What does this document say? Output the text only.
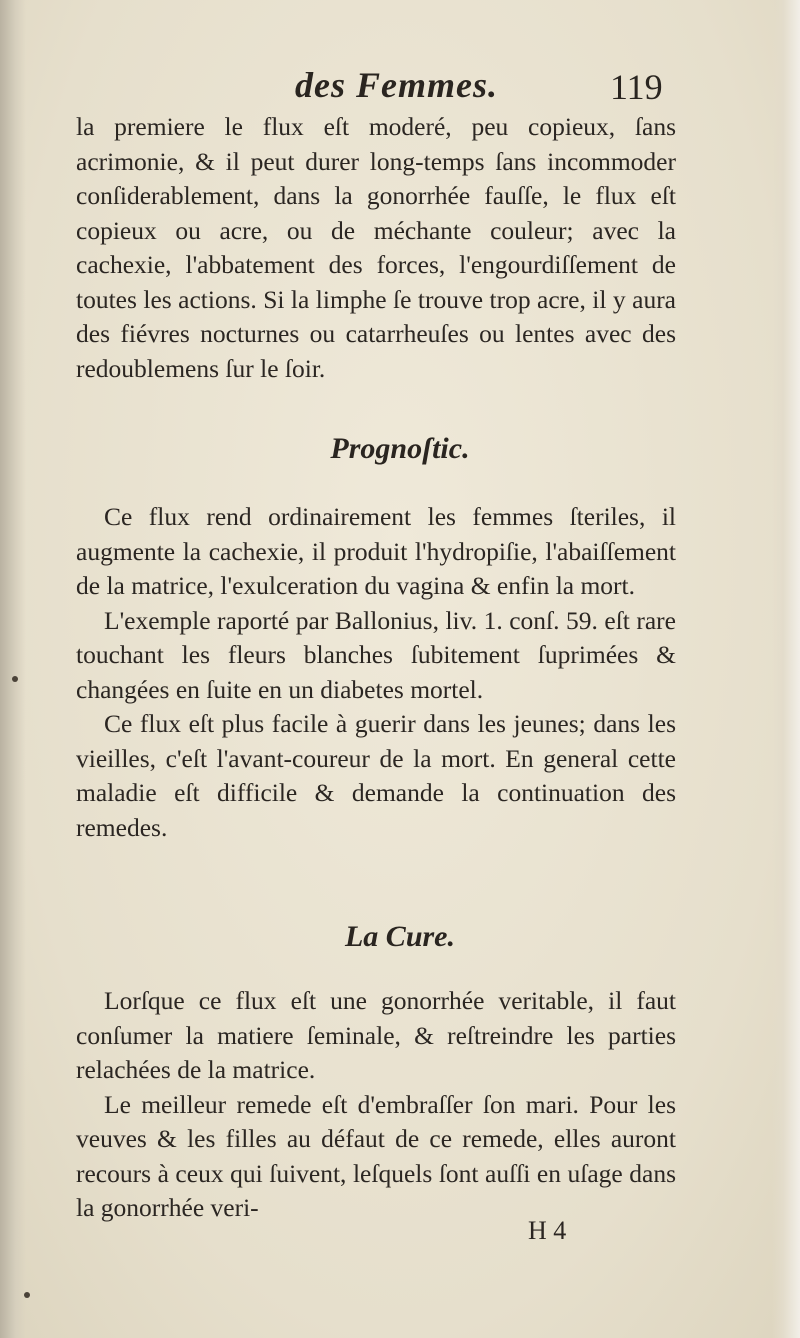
des Femmes.	119

la premiere le flux eſt moderé, peu copieux, ſans acrimonie, & il peut durer long-temps ſans incommoder conſiderablement, dans la gonorrhée fauſſe, le flux eſt copieux ou acre, ou de méchante couleur; avec la cachexie, l'abbatement des forces, l'engourdiſſement de toutes les actions. Si la limphe ſe trouve trop acre, il y aura des fiévres nocturnes ou catarrheuſes ou lentes avec des redoublemens ſur le ſoir.

Prognoſtic.

Ce flux rend ordinairement les femmes ſteriles, il augmente la cachexie, il produit l'hydropiſie, l'abaiſſement de la matrice, l'exulceration du vagina & enfin la mort.

L'exemple raporté par Ballonius, liv. 1. conſ. 59. eſt rare touchant les fleurs blanches ſubitement ſuprimées & changées en ſuite en un diabetes mortel.

Ce flux eſt plus facile à guerir dans les jeunes; dans les vieilles, c'eſt l'avant-coureur de la mort. En general cette maladie eſt difficile & demande la continuation des remedes.

La Cure.

Lorſque ce flux eſt une gonorrhée veritable, il faut conſumer la matiere ſeminale, & reſtreindre les parties relachées de la matrice.

Le meilleur remede eſt d'embraſſer ſon mari. Pour les veuves & les filles au défaut de ce remede, elles auront recours à ceux qui ſuivent, leſquels ſont auſſi en uſage dans la gonorrhée veri-

H 4
